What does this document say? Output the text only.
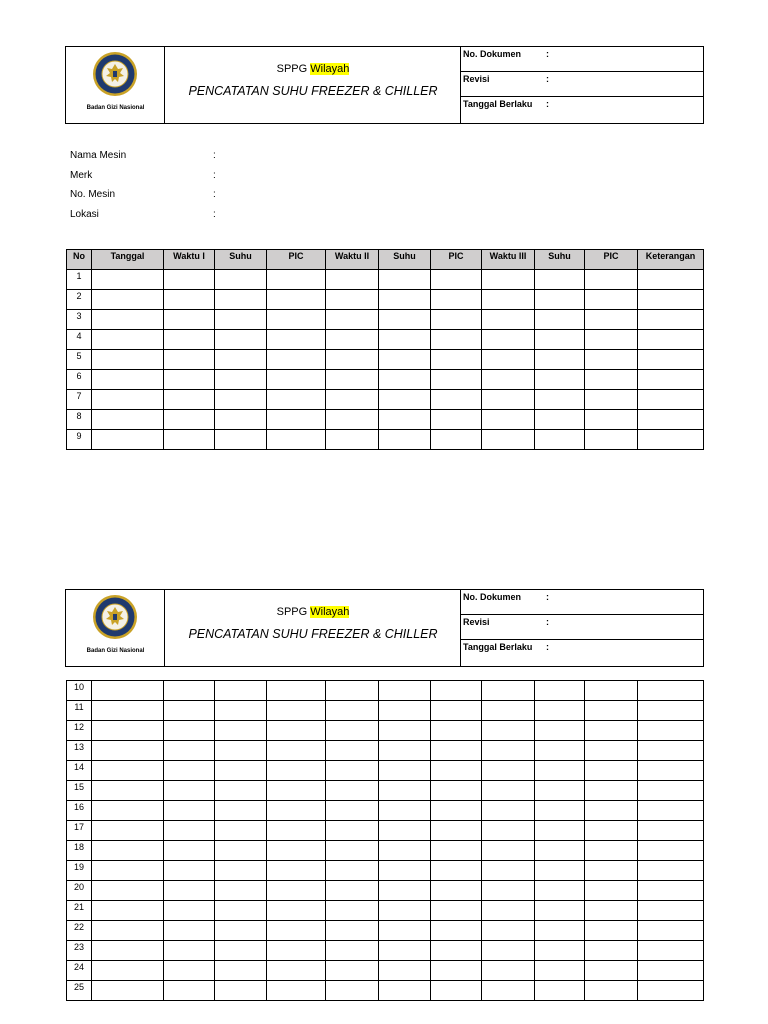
Badan Gizi Nasional
SPPG Wilayah
PENCATATAN SUHU FREEZER & CHILLER
No. Dokumen	:
Revisi	:
Tanggal Berlaku :
Nama Mesin	:
Merk	:
No. Mesin	:
Lokasi	:
No	Tanggal	Waktu I	Suhu	PIC	Waktu II	Suhu	PIC	Waktu III	Suhu	PIC	Keterangan
1											
2											
3											
4											
5											
6											
7											
8											
9											
Badan Gizi Nasional
SPPG Wilayah
PENCATATAN SUHU FREEZER & CHILLER
No. Dokumen	:
Revisi	:
Tanggal Berlaku :
10											
11											
12											
13											
14											
15											
16											
17											
18											
19											
20											
21											
22											
23											
24											
25											
